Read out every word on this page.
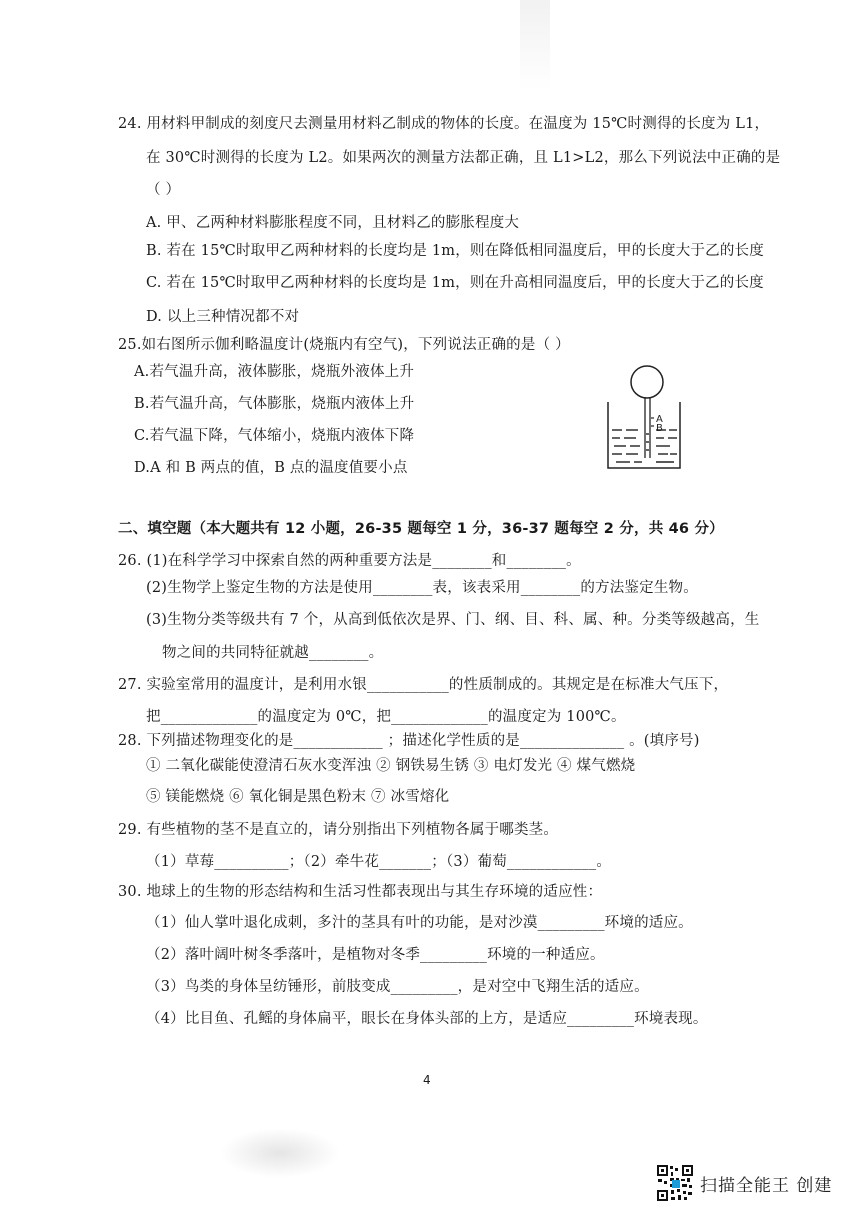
24. 用材料甲制成的刻度尺去测量用材料乙制成的物体的长度。在温度为 15℃时测得的长度为 L1，
在 30℃时测得的长度为 L2。如果两次的测量方法都正确，且 L1>L2，那么下列说法中正确的是
（ ）
A. 甲、乙两种材料膨胀程度不同，且材料乙的膨胀程度大
B. 若在 15℃时取甲乙两种材料的长度均是 1m，则在降低相同温度后，甲的长度大于乙的长度
C. 若在 15℃时取甲乙两种材料的长度均是 1m，则在升高相同温度后，甲的长度大于乙的长度
D. 以上三种情况都不对
25.如右图所示伽利略温度计(烧瓶内有空气)，下列说法正确的是（ ）
A.若气温升高，液体膨胀，烧瓶外液体上升
B.若气温升高，气体膨胀，烧瓶内液体上升
C.若气温下降，气体缩小，烧瓶内液体下降
D.A 和 B 两点的值，B 点的温度值要小点
A
B
二、填空题（本大题共有 12 小题，26-35 题每空 1 分，36-37 题每空 2 分，共 46 分）
26. (1)在科学学习中探索自然的两种重要方法是________和________。
(2)生物学上鉴定生物的方法是使用________表，该表采用________的方法鉴定生物。
(3)生物分类等级共有 7 个，从高到低依次是界、门、纲、目、科、属、种。分类等级越高，生
物之间的共同特征就越________。
27. 实验室常用的温度计，是利用水银___________的性质制成的。其规定是在标准大气压下，
把_____________的温度定为 0℃，把_____________的温度定为 100℃。
28. 下列描述物理变化的是____________ ；描述化学性质的是______________ 。(填序号)
① 二氧化碳能使澄清石灰水变浑浊 ② 钢铁易生锈 ③ 电灯发光 ④ 煤气燃烧
⑤ 镁能燃烧 ⑥ 氧化铜是黑色粉末 ⑦ 冰雪熔化
29. 有些植物的茎不是直立的，请分别指出下列植物各属于哪类茎。
（1）草莓__________；（2）牵牛花_______；（3）葡萄____________。
30. 地球上的生物的形态结构和生活习性都表现出与其生存环境的适应性：
（1）仙人掌叶退化成刺，多汁的茎具有叶的功能，是对沙漠_________环境的适应。
（2）落叶阔叶树冬季落叶，是植物对冬季_________环境的一种适应。
（3）鸟类的身体呈纺锤形，前肢变成_________，是对空中飞翔生活的适应。
（4）比目鱼、孔鳐的身体扁平，眼长在身体头部的上方，是适应_________环境表现。
4
扫描全能王 创建
